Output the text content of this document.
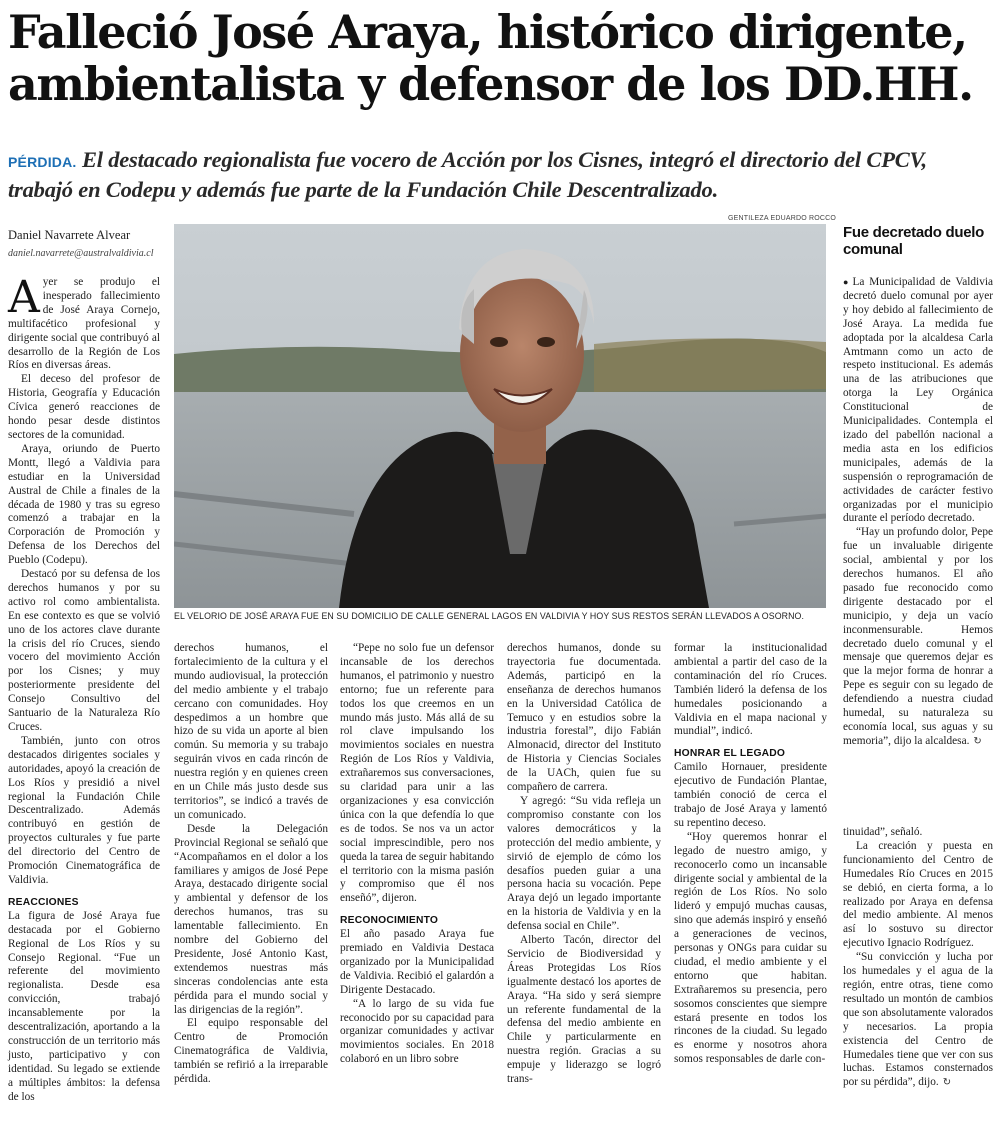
Falleció José Araya, histórico dirigente,
ambientalista y defensor de los DD.HH.
PÉRDIDA. El destacado regionalista fue vocero de Acción por los Cisnes, integró el directorio del CPCV, trabajó en Codepu y además fue parte de la Fundación Chile Descentralizado.
Daniel Navarrete Alvear
daniel.navarrete@australvaldivia.cl
GENTILEZA EDUARDO ROCCO
EL VELORIO DE JOSÉ ARAYA FUE EN SU DOMICILIO DE CALLE GENERAL LAGOS EN VALDIVIA Y HOY SUS RESTOS SERÁN LLEVADOS A OSORNO.

Ayer se produjo el inesperado fallecimiento de José Araya Cornejo, multifacético profesional y dirigente social que contribuyó al desarrollo de la Región de Los Ríos en diversas áreas.

El deceso del profesor de Historia, Geografía y Educación Cívica generó reacciones de hondo pesar desde distintos sectores de la comunidad.

Araya, oriundo de Puerto Montt, llegó a Valdivia para estudiar en la Universidad Austral de Chile a finales de la década de 1980 y tras su egreso comenzó a trabajar en la Corporación de Promoción y Defensa de los Derechos del Pueblo (Codepu).

Destacó por su defensa de los derechos humanos y por su activo rol como ambientalista. En ese contexto es que se volvió uno de los actores clave durante la crisis del río Cruces, siendo vocero del movimiento Acción por los Cisnes; y muy posteriormente presidente del Consejo Consultivo del Santuario de la Naturaleza Río Cruces.

También, junto con otros destacados dirigentes sociales y autoridades, apoyó la creación de Los Ríos y presidió a nivel regional la Fundación Chile Descentralizado. Además contribuyó en gestión de proyectos culturales y fue parte del directorio del Centro de Promoción Cinematográfica de Valdivia.

REACCIONES

La figura de José Araya fue destacada por el Gobierno Regional de Los Ríos y su Consejo Regional. “Fue un referente del movimiento regionalista. Desde esa convicción, trabajó incansablemente por la descentralización, aportando a la construcción de un territorio más justo, participativo y con identidad. Su legado se extiende a múltiples ámbitos: la defensa de los

derechos humanos, el fortalecimiento de la cultura y el mundo audiovisual, la protección del medio ambiente y el trabajo cercano con comunidades. Hoy despedimos a un hombre que hizo de su vida un aporte al bien común. Su memoria y su trabajo seguirán vivos en cada rincón de nuestra región y en quienes creen en un Chile más justo desde sus territorios”, se indicó a través de un comunicado.

Desde la Delegación Provincial Regional se señaló que “Acompañamos en el dolor a los familiares y amigos de José Pepe Araya, destacado dirigente social y ambiental y defensor de los derechos humanos, tras su lamentable fallecimiento. En nombre del Gobierno del Presidente, José Antonio Kast, extendemos nuestras más sinceras condolencias ante esta pérdida para el mundo social y las dirigencias de la región”.

El equipo responsable del Centro de Promoción Cinematográfica de Valdivia, también se refirió a la irreparable pérdida.

“Pepe no solo fue un defensor incansable de los derechos humanos, el patrimonio y nuestro entorno; fue un referente para todos los que creemos en un mundo más justo. Más allá de su rol clave impulsando los movimientos sociales en nuestra Región de Los Ríos y Valdivia, extrañaremos sus conversaciones, su claridad para unir a las organizaciones y esa convicción única con la que defendía lo que es de todos. Se nos va un actor social imprescindible, pero nos queda la tarea de seguir habitando el territorio con la misma pasión y compromiso que él nos enseñó”, dijeron.

RECONOCIMIENTO

El año pasado Araya fue premiado en Valdivia Destaca organizado por la Municipalidad de Valdivia. Recibió el galardón a Dirigente Destacado.

“A lo largo de su vida fue reconocido por su capacidad para organizar comunidades y activar movimientos sociales. En 2018 colaboró en un libro sobre

derechos humanos, donde su trayectoria fue documentada. Además, participó en la enseñanza de derechos humanos en la Universidad Católica de Temuco y en estudios sobre la industria forestal”, dijo Fabián Almonacid, director del Instituto de Historia y Ciencias Sociales de la UACh, quien fue su compañero de carrera.

Y agregó: “Su vida refleja un compromiso constante con los valores democráticos y la protección del medio ambiente, y sirvió de ejemplo de cómo los desafíos pueden guiar a una persona hacia su vocación. Pepe Araya dejó un legado importante en la historia de Valdivia y en la defensa social en Chile”.

Alberto Tacón, director del Servicio de Biodiversidad y Áreas Protegidas Los Ríos igualmente destacó los aportes de Araya. “Ha sido y será siempre un referente fundamental de la defensa del medio ambiente en Chile y particularmente en nuestra región. Gracias a su empuje y liderazgo se logró trans-

formar la institucionalidad ambiental a partir del caso de la contaminación del río Cruces. También lideró la defensa de los humedales posicionando a Valdivia en el mapa nacional y mundial”, indicó.

HONRAR EL LEGADO

Camilo Hornauer, presidente ejecutivo de Fundación Plantae, también conoció de cerca el trabajo de José Araya y lamentó su repentino deceso.

“Hoy queremos honrar el legado de nuestro amigo, y reconocerlo como un incansable dirigente social y ambiental de la región de Los Ríos. No solo lideró y empujó muchas causas, sino que además inspiró y enseñó a generaciones de vecinos, personas y ONGs para cuidar su ciudad, el medio ambiente y el entorno que habitan. Extrañaremos su presencia, pero sosomos conscientes que siempre estará presente en todos los rincones de la ciudad. Su legado es enorme y nosotros ahora somos responsables de darle con-

Fue decretado duelo comunal

● La Municipalidad de Valdivia decretó duelo comunal por ayer y hoy debido al fallecimiento de José Araya. La medida fue adoptada por la alcaldesa Carla Amtmann como un acto de respeto institucional. Es además una de las atribuciones que otorga la Ley Orgánica Constitucional de Municipalidades. Contempla el izado del pabellón nacional a media asta en los edificios municipales, además de la suspensión o reprogramación de actividades de carácter festivo organizadas por el municipio durante el período decretado.

“Hay un profundo dolor, Pepe fue un invaluable dirigente social, ambiental y por los derechos humanos. El año pasado fue reconocido como dirigente destacado por el municipio, y deja un vacío inconmensurable. Hemos decretado duelo comunal y el mensaje que queremos dejar es que la mejor forma de honrar a Pepe es seguir con su legado de defendiendo a nuestra ciudad humedal, su naturaleza su economía local, sus aguas y su memoria”, dijo la alcaldesa. ↻

tinuidad”, señaló.

La creación y puesta en funcionamiento del Centro de Humedales Río Cruces en 2015 se debió, en cierta forma, a lo realizado por Araya en defensa del medio ambiente. Al menos así lo sostuvo su director ejecutivo Ignacio Rodríguez.

“Su convicción y lucha por los humedales y el agua de la región, entre otras, tiene como resultado un montón de cambios que son absolutamente valorados y necesarios. La propia existencia del Centro de Humedales tiene que ver con sus luchas. Estamos consternados por su pérdida”, dijo. ↻
